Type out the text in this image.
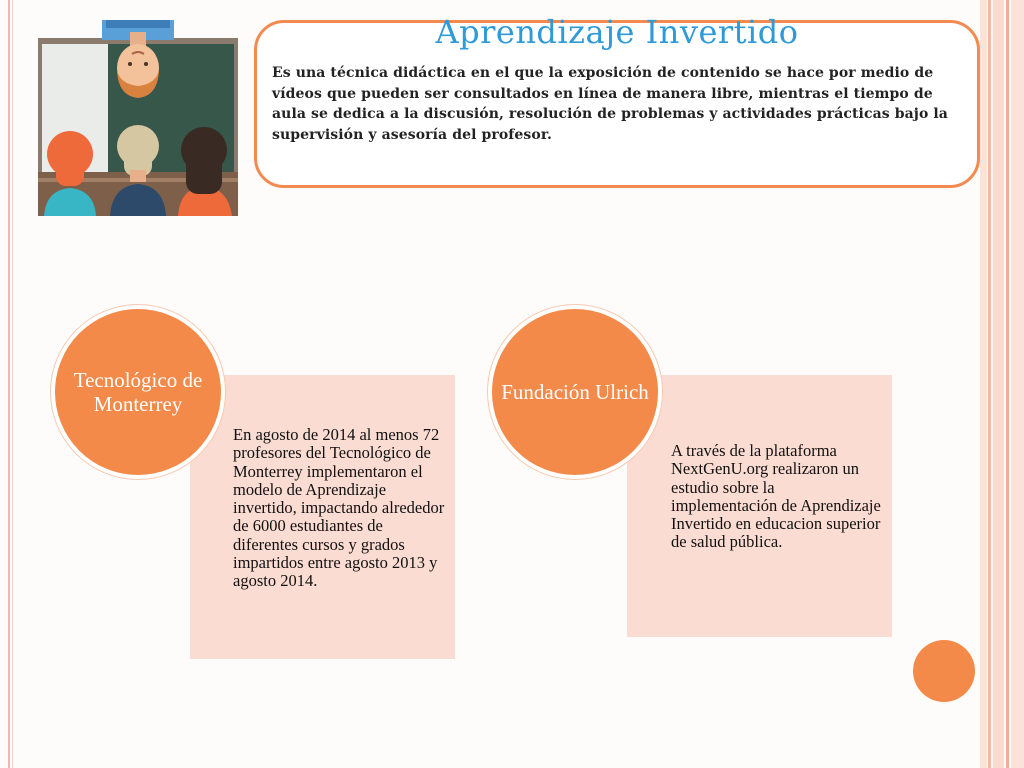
Aprendizaje Invertido

Es una técnica didáctica en el que la exposición de contenido se hace por medio de vídeos que pueden ser consultados en línea de manera libre, mientras el tiempo de aula se dedica a la discusión, resolución de problemas y actividades prácticas bajo la supervisión y asesoría del profesor.

En agosto de 2014 al menos 72 profesores del Tecnológico de Monterrey implementaron el modelo de Aprendizaje invertido, impactando alrededor de 6000 estudiantes de diferentes cursos y grados impartidos entre agosto 2013 y agosto 2014.

Tecnológico de Monterrey

A través de la plataforma NextGenU.org realizaron un estudio sobre la implementación de Aprendizaje Invertido en educacion superior de salud pública.

Fundación Ulrich
